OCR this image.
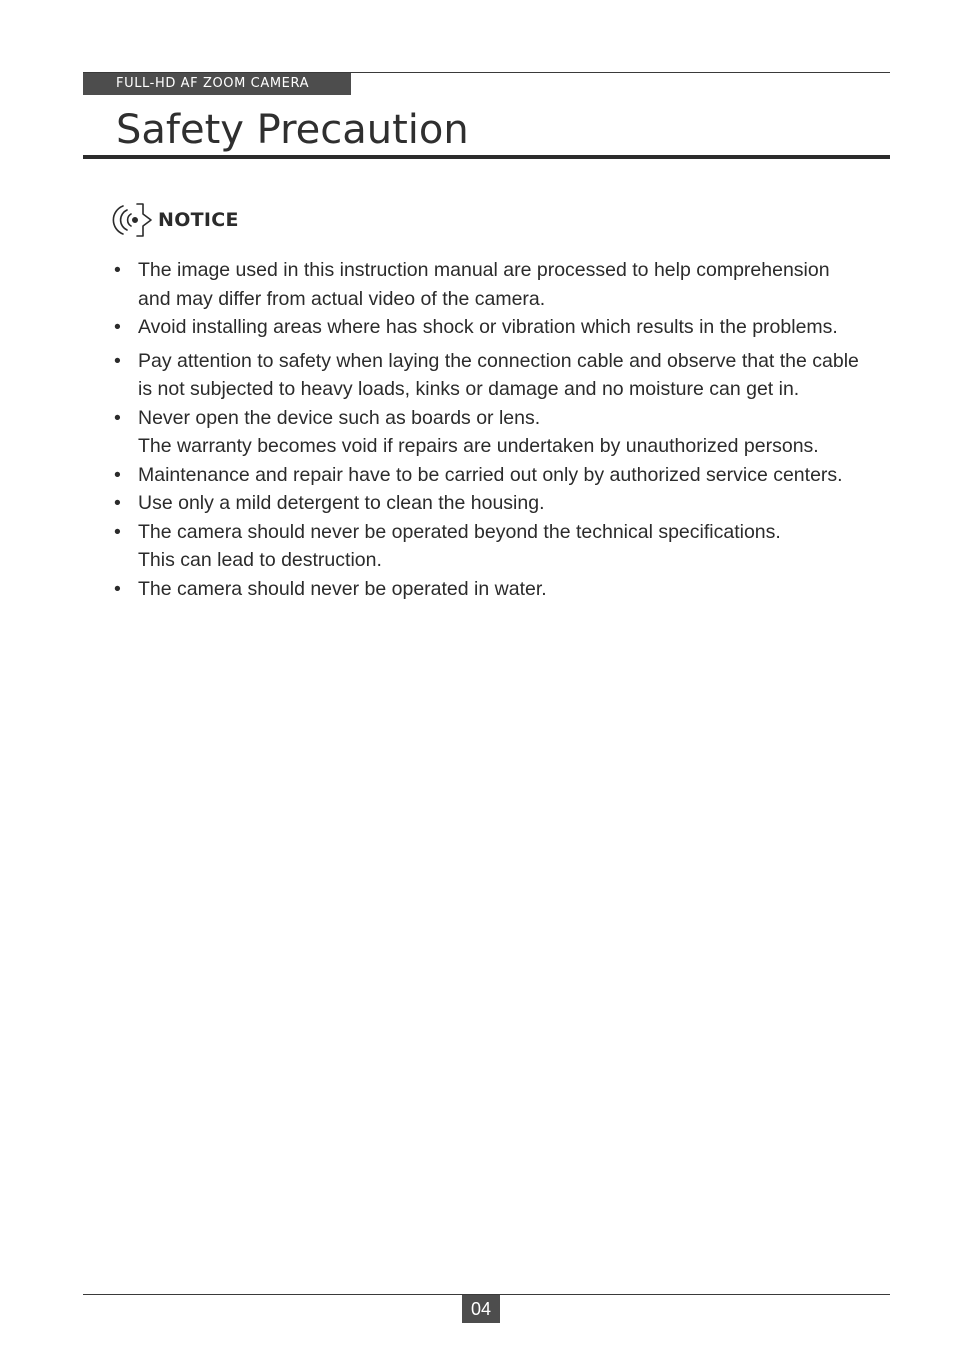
FULL-HD AF ZOOM CAMERA
Safety Precaution
NOTICE
• The image used in this instruction manual are processed to help comprehension
and may differ from actual video of the camera.
• Avoid installing areas where has shock or vibration which results in the problems.
• Pay attention to safety when laying the connection cable and observe that the cable
is not subjected to heavy loads, kinks or damage and no moisture can get in.
• Never open the device such as boards or lens.
The warranty becomes void if repairs are undertaken by unauthorized persons.
• Maintenance and repair have to be carried out only by authorized service centers.
• Use only a mild detergent to clean the housing.
• The camera should never be operated beyond the technical specifications.
This can lead to destruction.
• The camera should never be operated in water.
04
